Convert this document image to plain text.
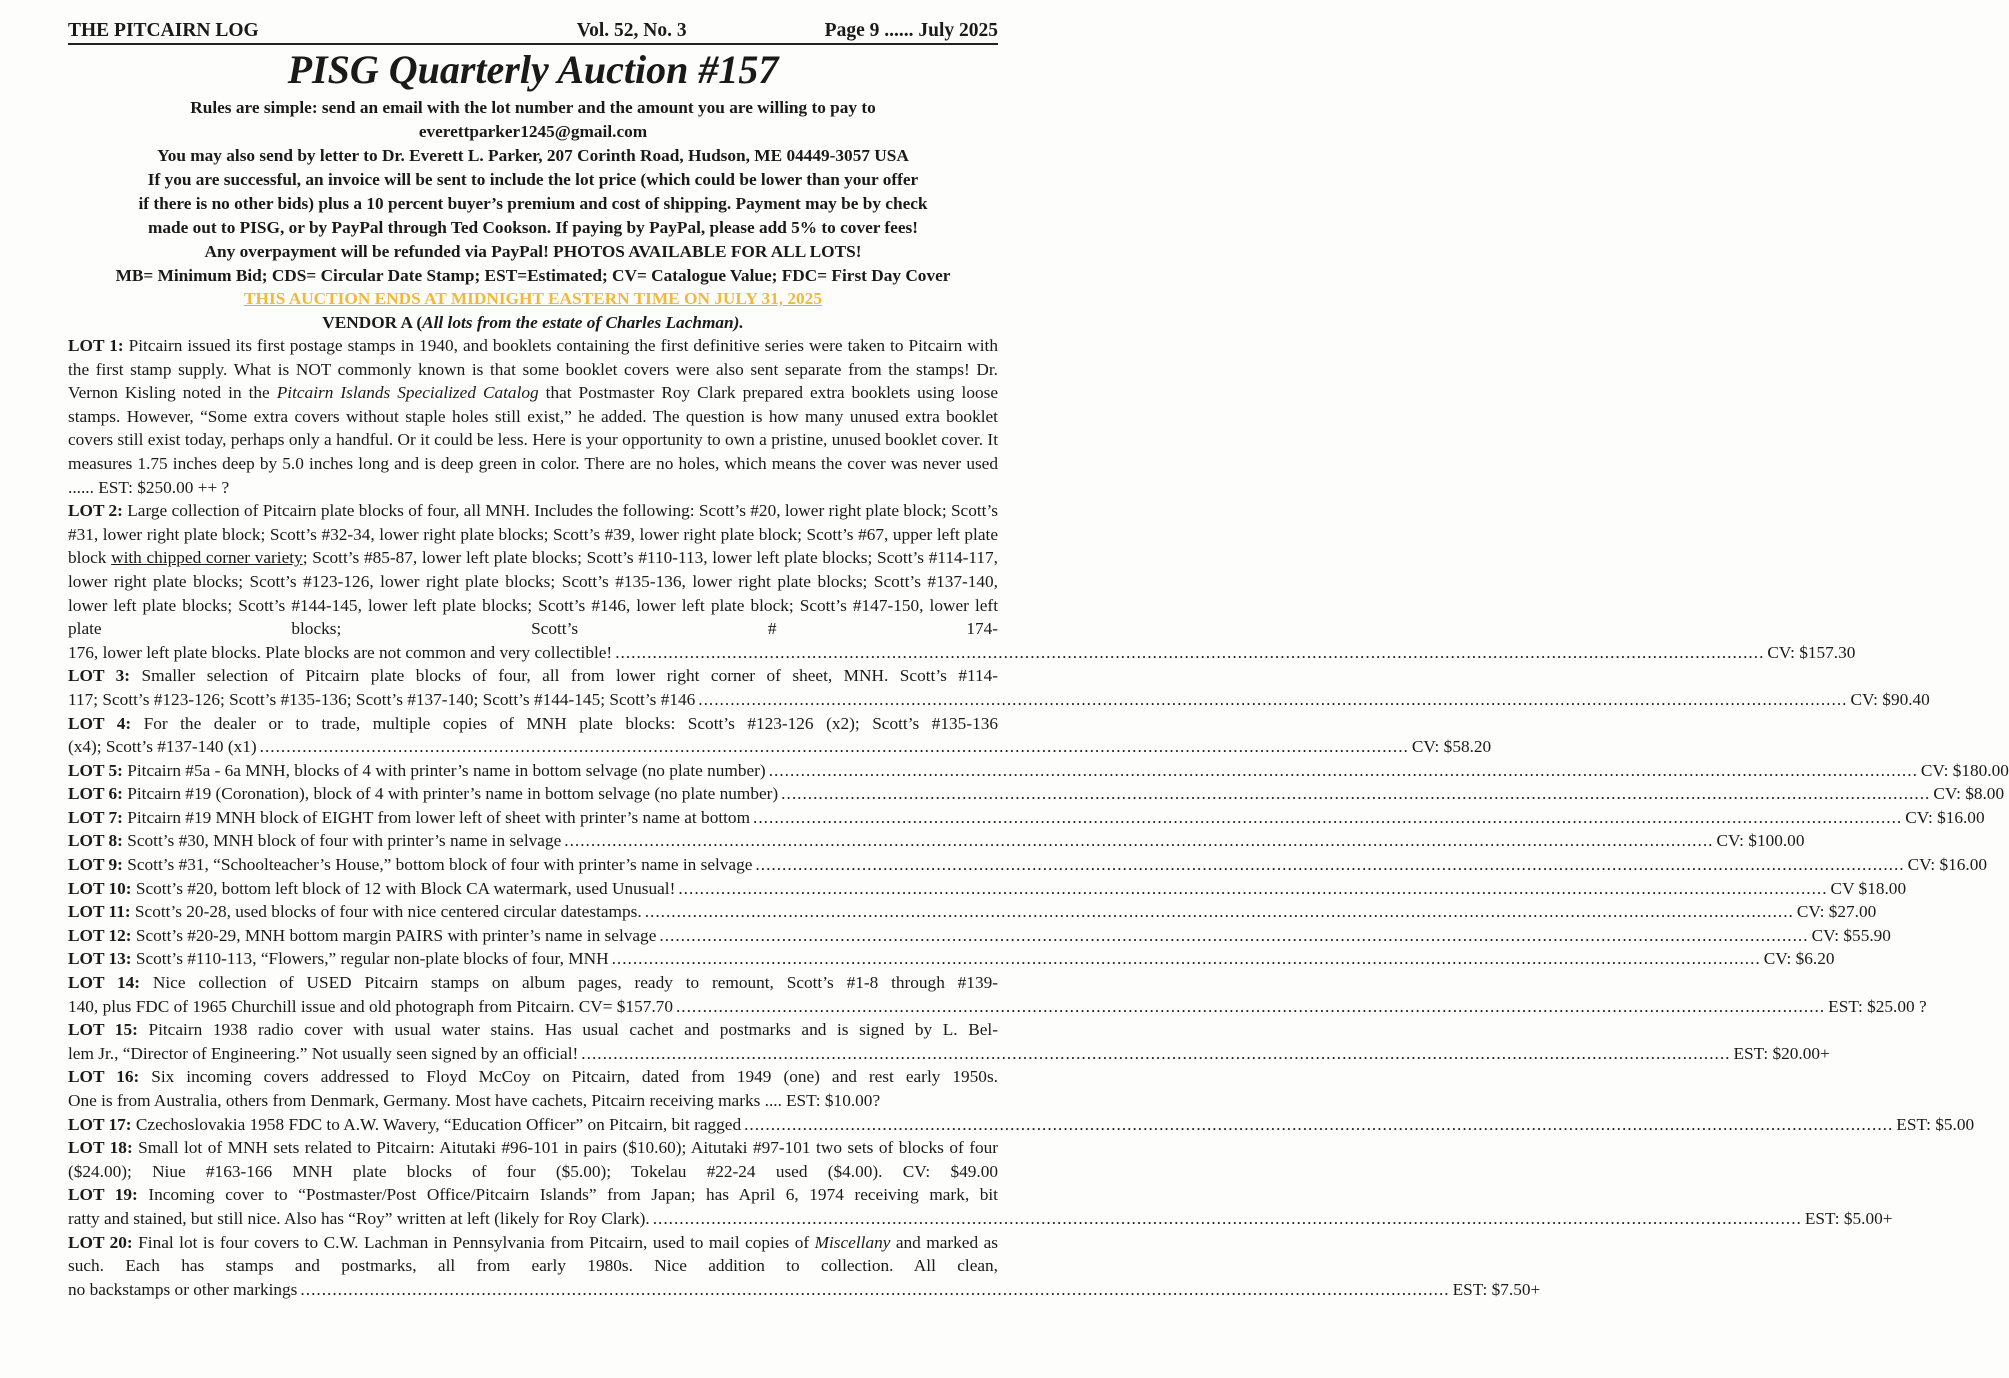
THE PITCAIRN LOG	Vol. 52, No. 3	Page 9 ...... July 2025
PISG Quarterly Auction #157

Rules are simple: send an email with the lot number and the amount you are willing to pay to

everettparker1245@gmail.com

You may also send by letter to Dr. Everett L. Parker, 207 Corinth Road, Hudson, ME 04449-3057 USA

If you are successful, an invoice will be sent to include the lot price (which could be lower than your offer

if there is no other bids) plus a 10 percent buyer’s premium and cost of shipping. Payment may be by check

made out to PISG, or by PayPal through Ted Cookson. If paying by PayPal, please add 5% to cover fees!

Any overpayment will be refunded via PayPal! PHOTOS AVAILABLE FOR ALL LOTS!

MB= Minimum Bid; CDS= Circular Date Stamp; EST=Estimated; CV= Catalogue Value; FDC= First Day Cover

THIS AUCTION ENDS AT MIDNIGHT EASTERN TIME ON JULY 31, 2025
VENDOR A (All lots from the estate of Charles Lachman).

LOT 1: Pitcairn issued its first postage stamps in 1940, and booklets containing the first definitive series were taken to Pitcairn with the first stamp supply. What is NOT commonly known is that some booklet covers were also sent separate from the stamps! Dr. Vernon Kisling noted in the Pitcairn Islands Specialized Catalog that Postmaster Roy Clark prepared extra booklets using loose stamps. However, “Some extra covers without staple holes still exist,” he added. The question is how many unused extra booklet covers still exist today, perhaps only a handful. Or it could be less. Here is your opportunity to own a pristine, unused booklet cover. It measures 1.75 inches deep by 5.0 inches long and is deep green in color. There are no holes, which means the cover was never used ...... EST: $250.00 ++ ?

LOT 2: Large collection of Pitcairn plate blocks of four, all MNH. Includes the following: Scott’s #20, lower right plate block; Scott’s #31, lower right plate block; Scott’s #32-34, lower right plate blocks; Scott’s #39, lower right plate block; Scott’s #67, upper left plate block with chipped corner variety; Scott’s #85-87, lower left plate blocks; Scott’s #110-113, lower left plate blocks; Scott’s #114-117, lower right plate blocks; Scott’s #123-126, lower right plate blocks; Scott’s #135-136, lower right plate blocks; Scott’s #137-140, lower left plate blocks; Scott’s #144-145, lower left plate blocks; Scott’s #146, lower left plate block; Scott’s #147-150, lower left plate blocks; Scott’s # 174-

176, lower left plate blocks. Plate blocks are not common and very collectible! .....	CV: $157.30

LOT 3: Smaller selection of Pitcairn plate blocks of four, all from lower right corner of sheet, MNH. Scott’s #114-

117; Scott’s #123-126; Scott’s #135-136; Scott’s #137-140; Scott’s #144-145; Scott’s #146 .....	CV: $90.40

LOT 4: For the dealer or to trade, multiple copies of MNH plate blocks: Scott’s #123-126 (x2); Scott’s #135-136

(x4); Scott’s #137-140 (x1) .....	CV: $58.20
LOT 5: Pitcairn #5a - 6a MNH, blocks of 4 with printer’s name in bottom selvage (no plate number) .....	CV: $180.00
LOT 6: Pitcairn #19 (Coronation), block of 4 with printer’s name in bottom selvage (no plate number) .....	CV: $8.00
LOT 7: Pitcairn #19 MNH block of EIGHT from lower left of sheet with printer’s name at bottom .....	CV: $16.00
LOT 8: Scott’s #30, MNH block of four with printer’s name in selvage .....	CV: $100.00
LOT 9: Scott’s #31, “Schoolteacher’s House,” bottom block of four with printer’s name in selvage .....	CV: $16.00
LOT 10: Scott’s #20, bottom left block of 12 with Block CA watermark, used Unusual! .....	CV $18.00
LOT 11: Scott’s 20-28, used blocks of four with nice centered circular datestamps. .....	CV: $27.00
LOT 12: Scott’s #20-29, MNH bottom margin PAIRS with printer’s name in selvage .....	CV: $55.90
LOT 13: Scott’s #110-113, “Flowers,” regular non-plate blocks of four, MNH .....	CV: $6.20

LOT 14: Nice collection of USED Pitcairn stamps on album pages, ready to remount, Scott’s #1-8 through #139-

140, plus FDC of 1965 Churchill issue and old photograph from Pitcairn. CV= $157.70 .....	EST: $25.00 ?

LOT 15: Pitcairn 1938 radio cover with usual water stains. Has usual cachet and postmarks and is signed by L. Bel-

lem Jr., “Director of Engineering.” Not usually seen signed by an official! .....	EST: $20.00+

LOT 16: Six incoming covers addressed to Floyd McCoy on Pitcairn, dated from 1949 (one) and rest early 1950s.

One is from Australia, others from Denmark, Germany. Most have cachets, Pitcairn receiving marks .... EST: $10.00?
LOT 17: Czechoslovakia 1958 FDC to A.W. Wavery, “Education Officer” on Pitcairn, bit ragged .....	EST: $5.00

LOT 18: Small lot of MNH sets related to Pitcairn: Aitutaki #96-101 in pairs ($10.60); Aitutaki #97-101 two sets of blocks of four ($24.00); Niue #163-166 MNH plate blocks of four ($5.00); Tokelau #22-24 used ($4.00). CV: $49.00

LOT 19: Incoming cover to “Postmaster/Post Office/Pitcairn Islands” from Japan; has April 6, 1974 receiving mark, bit

ratty and stained, but still nice. Also has “Roy” written at left (likely for Roy Clark). .....	EST: $5.00+

LOT 20: Final lot is four covers to C.W. Lachman in Pennsylvania from Pitcairn, used to mail copies of Miscellany and marked as such. Each has stamps and postmarks, all from early 1980s. Nice addition to collection. All clean,

no backstamps or other markings .....	EST: $7.50+
